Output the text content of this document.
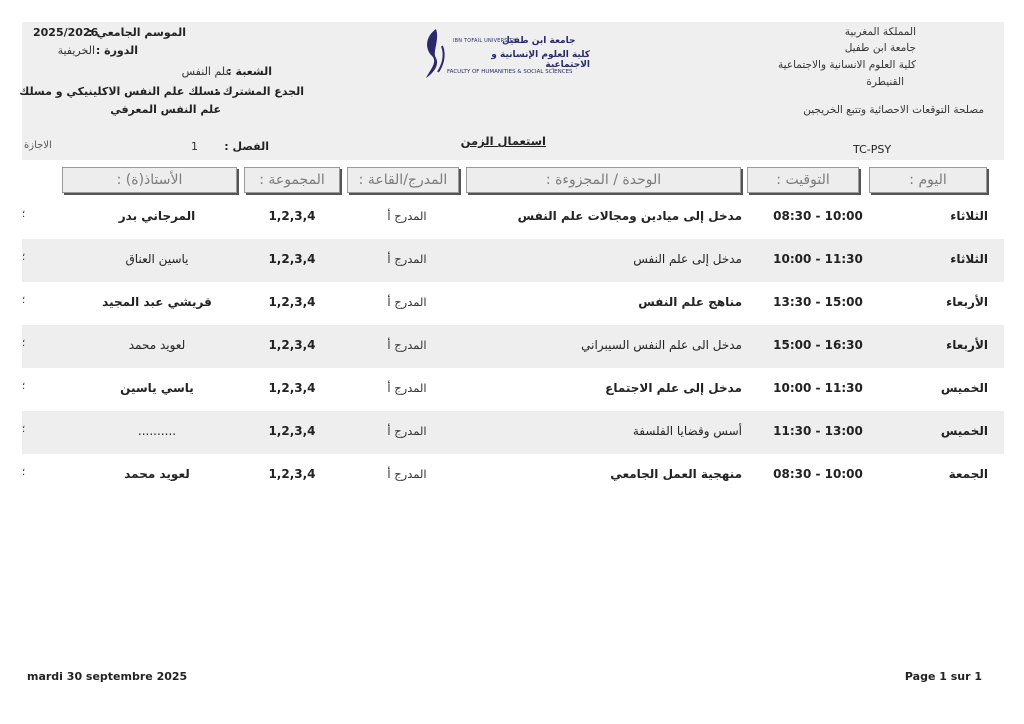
المملكة المغربية
جامعة ابن طفيل
كلية العلوم الانسانية والاجتماعية
القنيطرة
مصلحة التوقعات الاحصائية وتتبع الخريجين
TC-PSY
IBN TOFAIL UNIVERSITY
جامعة ابن طفيل
كلية العلوم الإنسانية و الاجتماعية
FACULTY OF HUMANITIES & SOCIAL SCIENCES
الموسم الجامعي :
2025/2026
الدورة :
الخريفية
الشعبة :
علم النفس
الجدع المشترك :
مسلك علم النفس الاكلينيكي و مسلك
علم النفس المعرفي
استعمال الزمن
الفصل :
1
الاجازة
اليوم :
التوقيت :
الوحدة / المجزوءة :
المدرج/القاعة :
المجموعة :
الأستاذ(ة) :
الثلاثاء
08:30 - 10:00
مدخل إلى ميادين ومجالات علم النفس
المدرج أ
1,2,3,4
المرجاني بدر
؛
الثلاثاء
10:00 - 11:30
مدخل إلى علم النفس
المدرج أ
1,2,3,4
ياسين العناق
؛
الأربعاء
13:30 - 15:00
مناهج علم النفس
المدرج أ
1,2,3,4
قريشي عبد المجيد
؛
الأربعاء
15:00 - 16:30
مدخل الى علم النفس السيبراني
المدرج أ
1,2,3,4
لعويد محمد
؛
الخميس
10:00 - 11:30
مدخل إلى علم الاجتماع
المدرج أ
1,2,3,4
ياسي ياسين
؛
الخميس
11:30 - 13:00
أسس وقضايا الفلسفة
المدرج أ
1,2,3,4
..........
؛
الجمعة
08:30 - 10:00
منهجية العمل الجامعي
المدرج أ
1,2,3,4
لعويد محمد
؛
mardi 30 septembre 2025	Page 1 sur 1
